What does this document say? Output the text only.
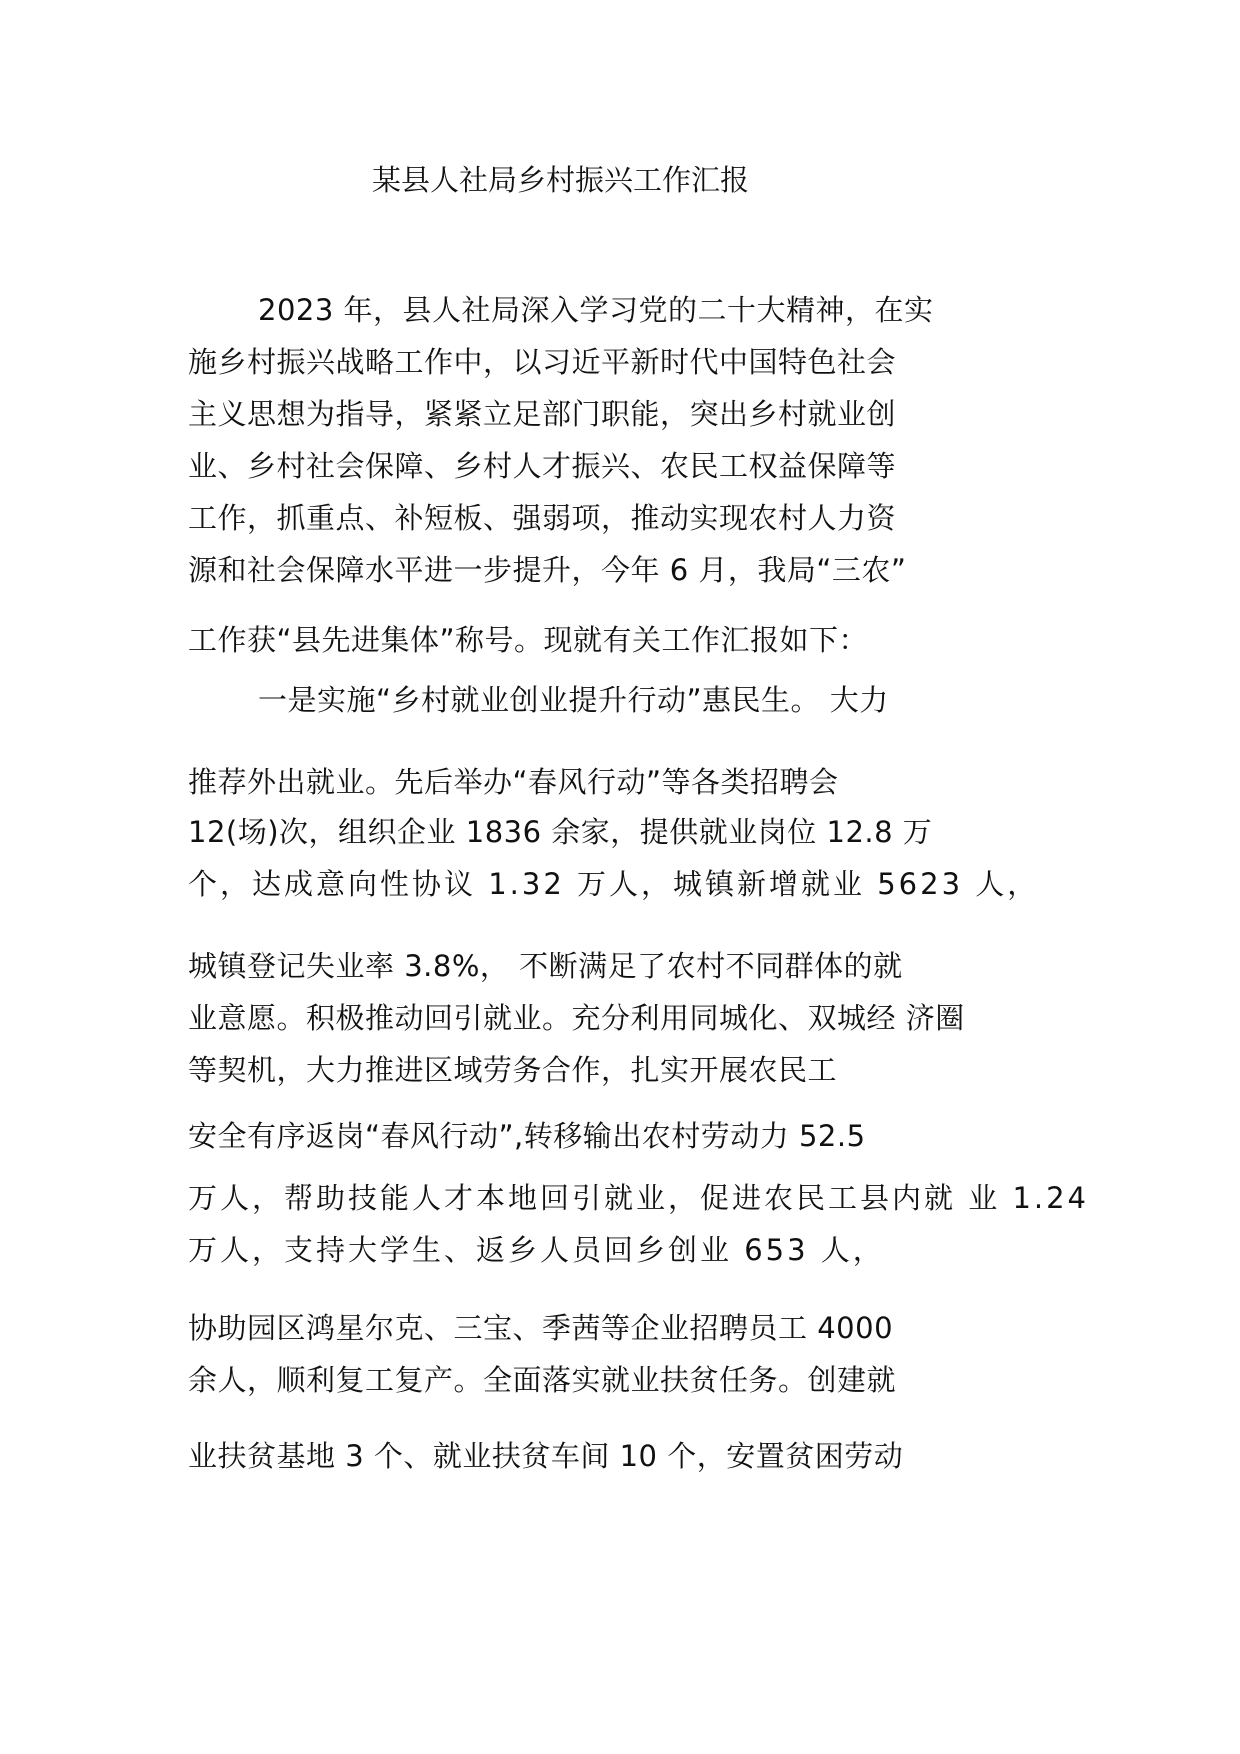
某县人社局乡村振兴工作汇报
2023 年，县人社局深入学习党的二十大精神，在实
施乡村振兴战略工作中，以习近平新时代中国特色社会
主义思想为指导，紧紧立足部门职能，突出乡村就业创
业、乡村社会保障、乡村人才振兴、农民工权益保障等
工作，抓重点、补短板、强弱项，推动实现农村人力资
源和社会保障水平进一步提升，今年 6 月，我局“三农”
工作获“县先进集体”称号。现就有关工作汇报如下：
一是实施“乡村就业创业提升行动”惠民生。 大力
推荐外出就业。先后举办“春风行动”等各类招聘会
12(场)次，组织企业 1836 余家，提供就业岗位 12.8 万
个，达成意向性协议 1.32 万人，城镇新增就业 5623 人，
城镇登记失业率 3.8%， 不断满足了农村不同群体的就
业意愿。积极推动回引就业。充分利用同城化、双城经 济圈
等契机，大力推进区域劳务合作，扎实开展农民工
安全有序返岗“春风行动”,转移输出农村劳动力 52.5
万人，帮助技能人才本地回引就业，促进农民工县内就 业 1.24
万人，支持大学生、返乡人员回乡创业 653 人，
协助园区鸿星尔克、三宝、季茜等企业招聘员工 4000
余人，顺利复工复产。全面落实就业扶贫任务。创建就
业扶贫基地 3 个、就业扶贫车间 10 个，安置贫困劳动
